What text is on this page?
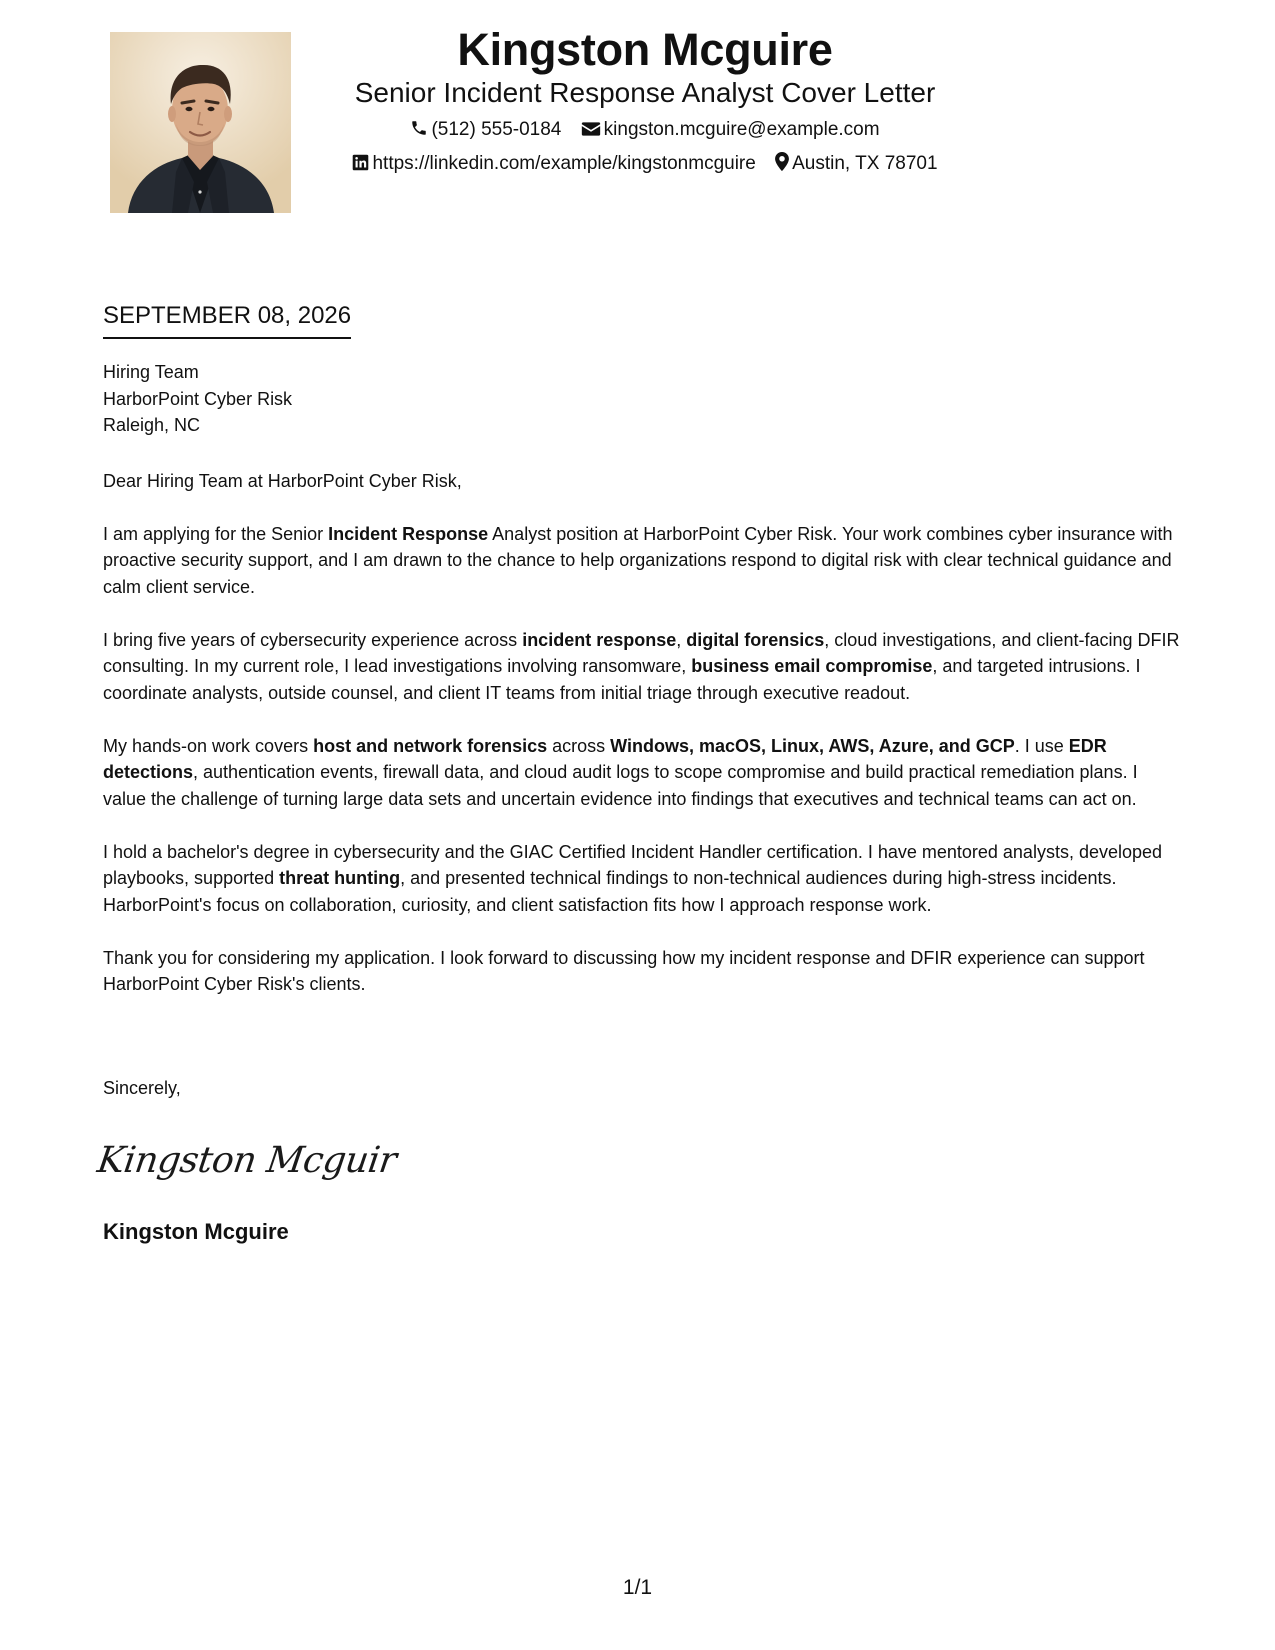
Kingston Mcguire
Senior Incident Response Analyst Cover Letter
(512) 555-0184 kingston.mcguire@example.com
https://linkedin.com/example/kingstonmcguire Austin, TX 78701
SEPTEMBER 08, 2026
Hiring Team
HarborPoint Cyber Risk
Raleigh, NC
Dear Hiring Team at HarborPoint Cyber Risk,

I am applying for the Senior Incident Response Analyst position at HarborPoint Cyber Risk. Your work combines cyber insurance with proactive security support, and I am drawn to the chance to help organizations respond to digital risk with clear technical guidance and calm client service.

I bring five years of cybersecurity experience across incident response, digital forensics, cloud investigations, and client-facing DFIR consulting. In my current role, I lead investigations involving ransomware, business email compromise, and targeted intrusions. I coordinate analysts, outside counsel, and client IT teams from initial triage through executive readout.

My hands-on work covers host and network forensics across Windows, macOS, Linux, AWS, Azure, and GCP. I use EDR detections, authentication events, firewall data, and cloud audit logs to scope compromise and build practical remediation plans. I value the challenge of turning large data sets and uncertain evidence into findings that executives and technical teams can act on.

I hold a bachelor's degree in cybersecurity and the GIAC Certified Incident Handler certification. I have mentored analysts, developed playbooks, supported threat hunting, and presented technical findings to non-technical audiences during high-stress incidents. HarborPoint's focus on collaboration, curiosity, and client satisfaction fits how I approach response work.

Thank you for considering my application. I look forward to discussing how my incident response and DFIR experience can support HarborPoint Cyber Risk's clients.

Sincerely,
Kingston Mcguir
Kingston Mcguire
1/1
